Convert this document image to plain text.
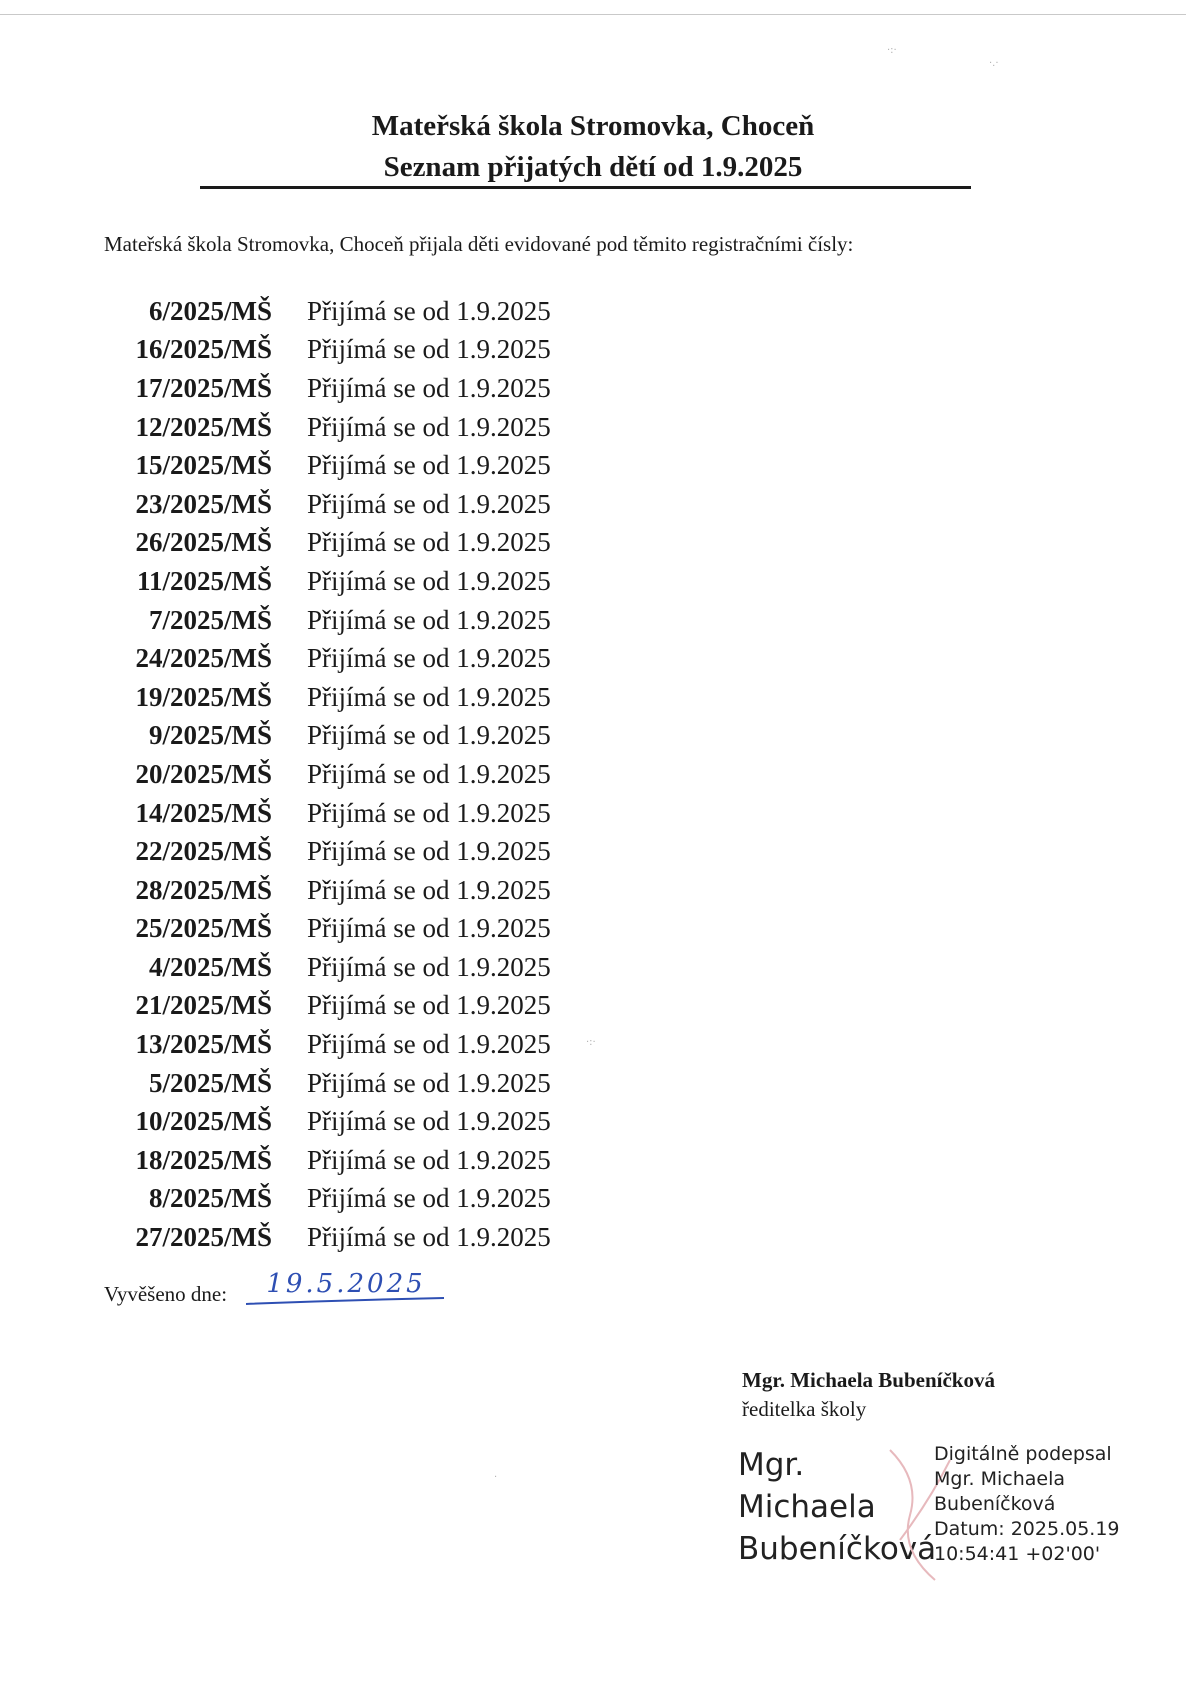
·:·
·.·
·
·:·
Mateřská škola Stromovka, Choceň
Seznam přijatých dětí od 1.9.2025
Mateřská škola Stromovka, Choceň přijala děti evidované pod těmito registračními čísly:
6/2025/MŠ Přijímá se od 1.9.2025
16/2025/MŠ Přijímá se od 1.9.2025
17/2025/MŠ Přijímá se od 1.9.2025
12/2025/MŠ Přijímá se od 1.9.2025
15/2025/MŠ Přijímá se od 1.9.2025
23/2025/MŠ Přijímá se od 1.9.2025
26/2025/MŠ Přijímá se od 1.9.2025
11/2025/MŠ Přijímá se od 1.9.2025
7/2025/MŠ Přijímá se od 1.9.2025
24/2025/MŠ Přijímá se od 1.9.2025
19/2025/MŠ Přijímá se od 1.9.2025
9/2025/MŠ Přijímá se od 1.9.2025
20/2025/MŠ Přijímá se od 1.9.2025
14/2025/MŠ Přijímá se od 1.9.2025
22/2025/MŠ Přijímá se od 1.9.2025
28/2025/MŠ Přijímá se od 1.9.2025
25/2025/MŠ Přijímá se od 1.9.2025
4/2025/MŠ Přijímá se od 1.9.2025
21/2025/MŠ Přijímá se od 1.9.2025
13/2025/MŠ Přijímá se od 1.9.2025
5/2025/MŠ Přijímá se od 1.9.2025
10/2025/MŠ Přijímá se od 1.9.2025
18/2025/MŠ Přijímá se od 1.9.2025
8/2025/MŠ Přijímá se od 1.9.2025
27/2025/MŠ Přijímá se od 1.9.2025
Vyvěšeno dne:	19.5.2025
Mgr. Michaela Bubeníčková
ředitelka školy
Mgr.
Michaela
Bubeníčková
Digitálně podepsal
Mgr. Michaela
Bubeníčková
Datum: 2025.05.19
10:54:41 +02'00'
